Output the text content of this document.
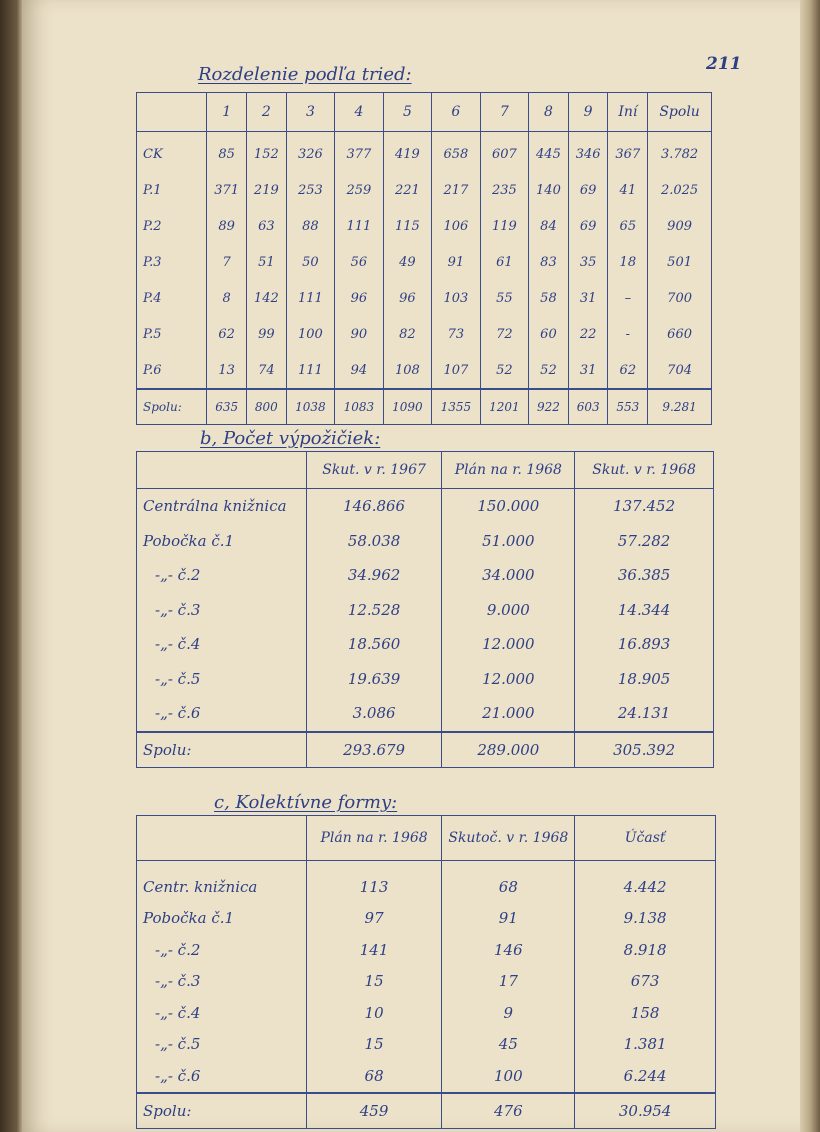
211
Rozdelenie podľa tried:
	1	2	3	4	5	6	7	8	9	Iní	Spolu
CK	85	152	326	377	419	658	607	445	346	367	3.782
P.1	371	219	253	259	221	217	235	140	69	41	2.025
P.2	89	63	88	111	115	106	119	84	69	65	909
P.3	7	51	50	56	49	91	61	83	35	18	501
P.4	8	142	111	96	96	103	55	58	31	–	700
P.5	62	99	100	90	82	73	72	60	22	-	660
P.6	13	74	111	94	108	107	52	52	31	62	704
Spolu:	635	800	1038	1083	1090	1355	1201	922	603	553	9.281
b, Počet výpožičiek:
	Skut. v r. 1967	Plán na r. 1968	Skut. v r. 1968
Centrálna knižnica	146.866	150.000	137.452
Pobočka č.1	58.038	51.000	57.282
-„- č.2	34.962	34.000	36.385
-„- č.3	12.528	9.000	14.344
-„- č.4	18.560	12.000	16.893
-„- č.5	19.639	12.000	18.905
-„- č.6	3.086	21.000	24.131
Spolu:	293.679	289.000	305.392
c, Kolektívne formy:
	Plán na r. 1968	Skutoč. v r. 1968	Účasť
Centr. knižnica	113	68	4.442
Pobočka č.1	97	91	9.138
-„- č.2	141	146	8.918
-„- č.3	15	17	673
-„- č.4	10	9	158
-„- č.5	15	45	1.381
-„- č.6	68	100	6.244
Spolu:	459	476	30.954
